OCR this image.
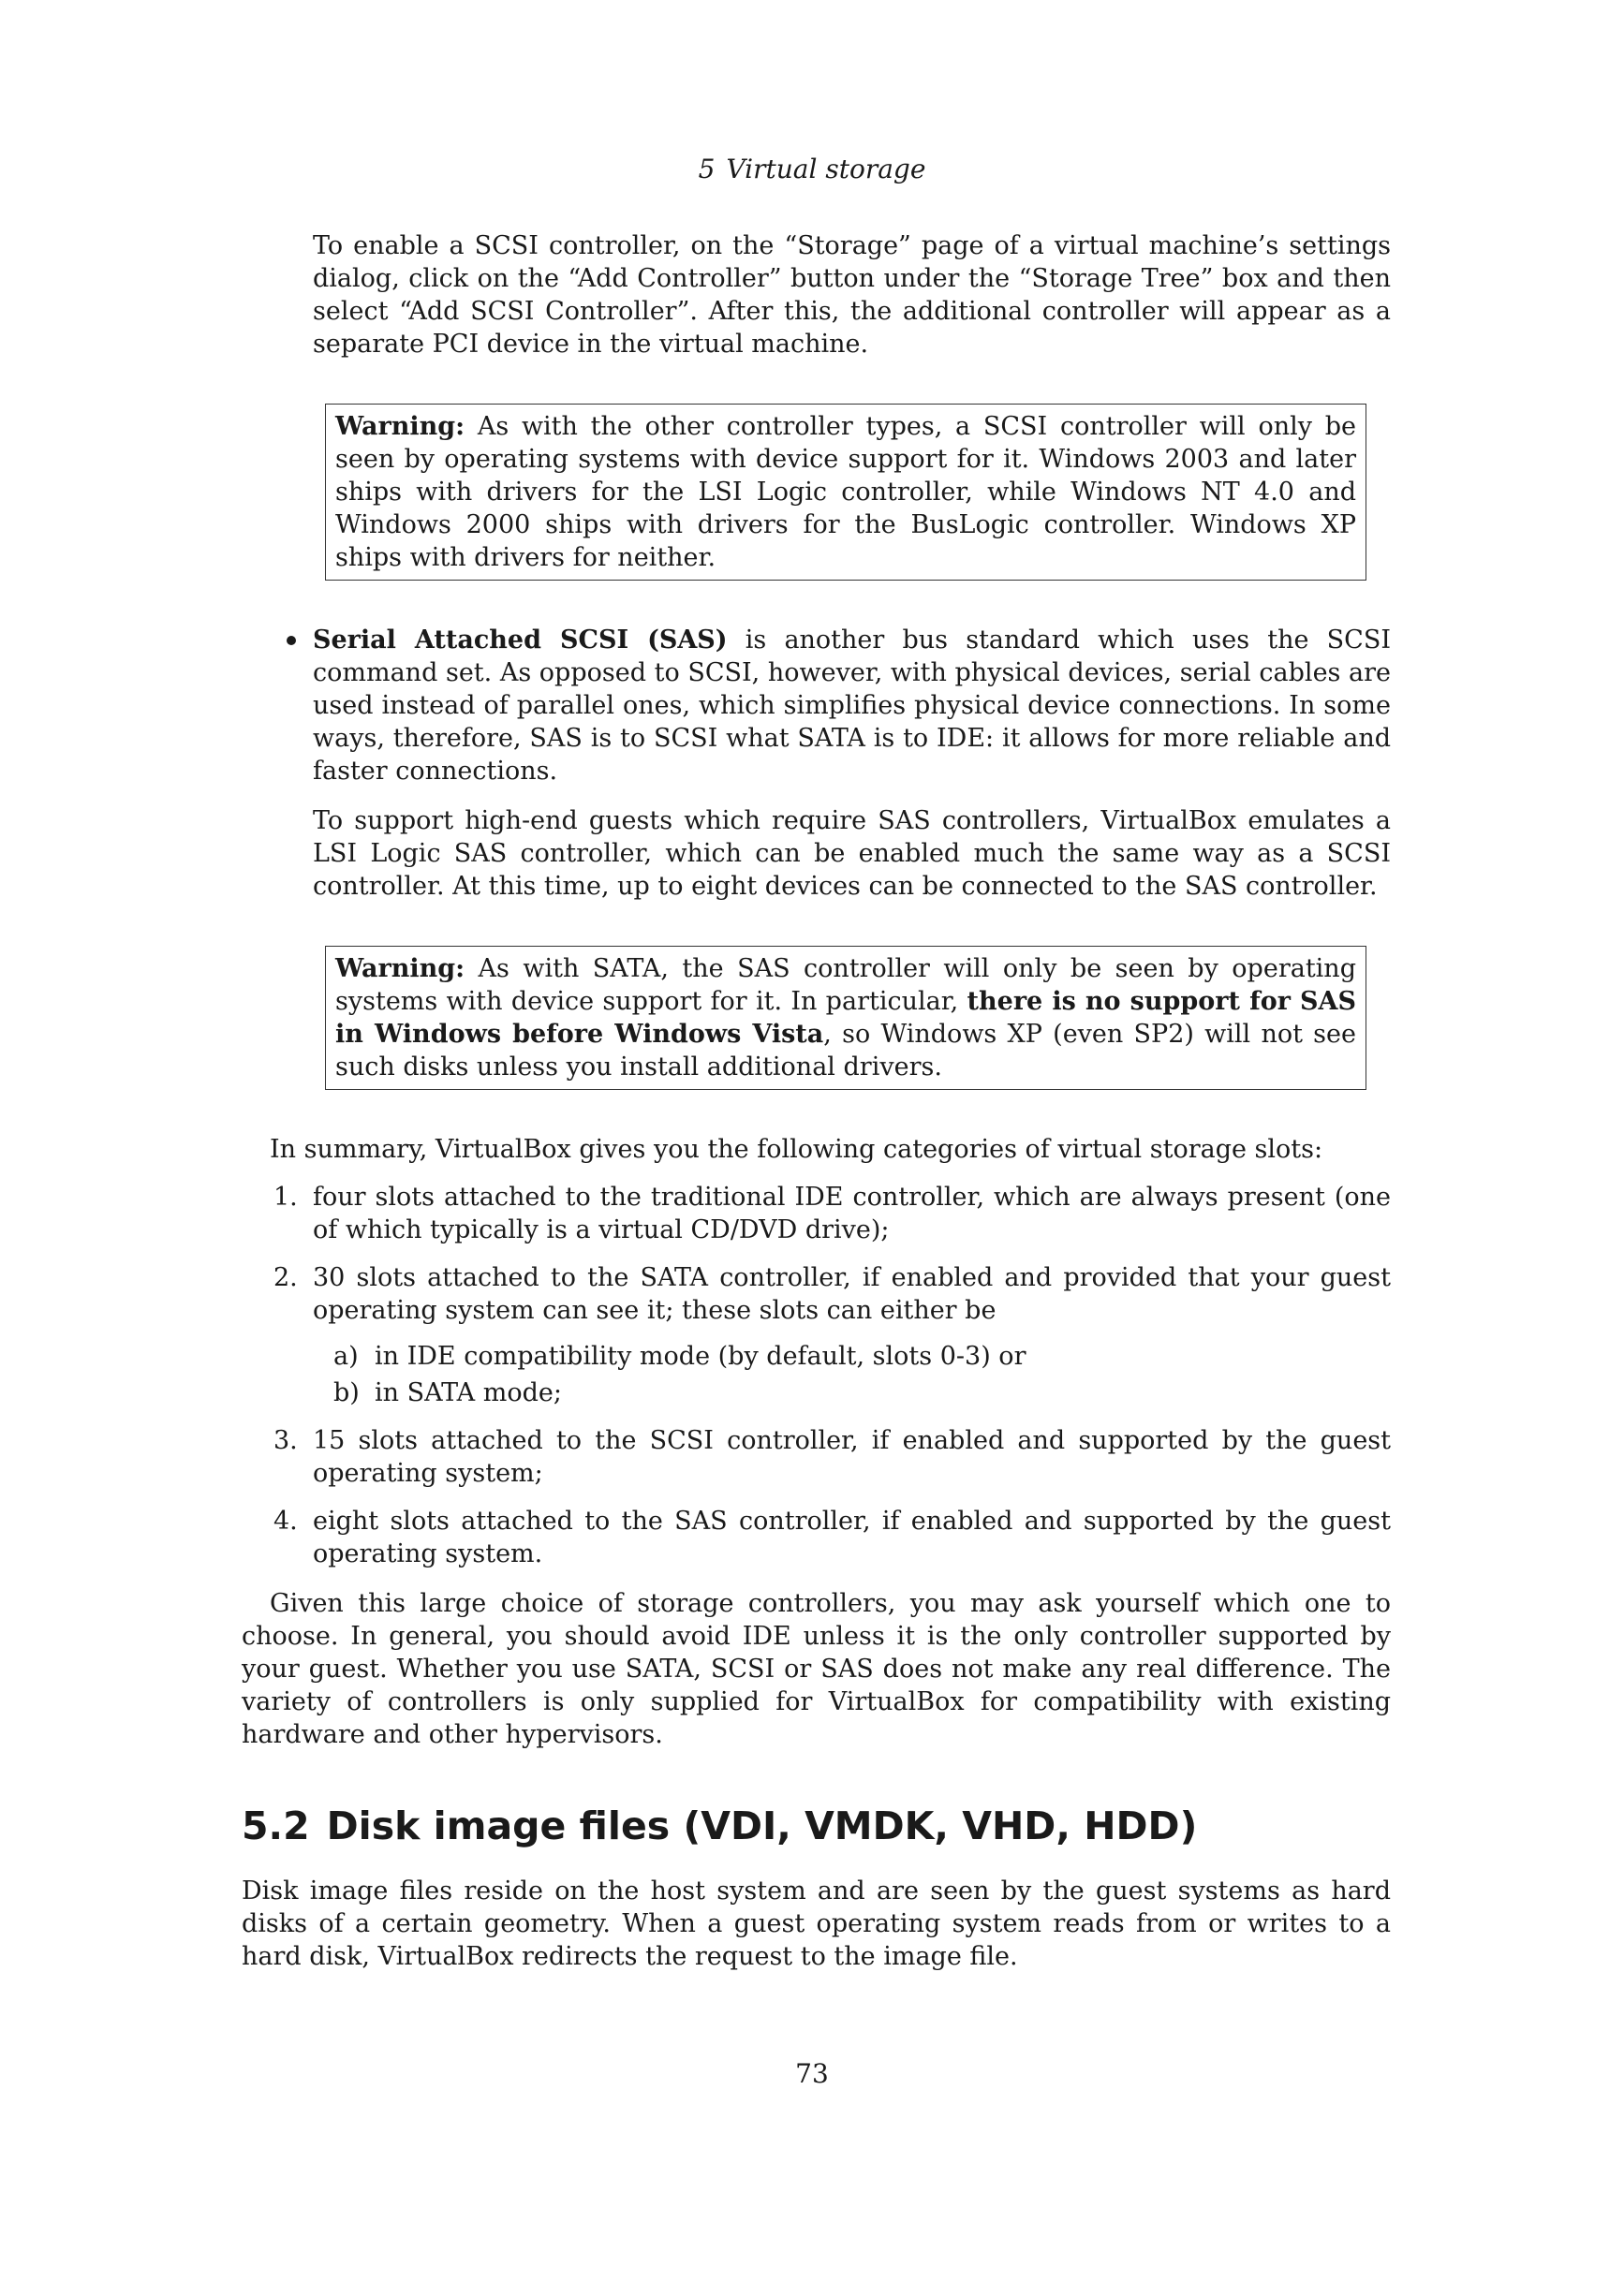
5 Virtual storage

To enable a SCSI controller, on the “Storage” page of a virtual machine’s settings dialog, click on the “Add Controller” button under the “Storage Tree” box and then select “Add SCSI Controller”. After this, the additional controller will appear as a separate PCI device in the virtual machine.

Warning: As with the other controller types, a SCSI controller will only be seen by operating systems with device support for it. Windows 2003 and later ships with drivers for the LSI Logic controller, while Windows NT 4.0 and Windows 2000 ships with drivers for the BusLogic controller. Windows XP ships with drivers for neither.

Serial Attached SCSI (SAS) is another bus standard which uses the SCSI command set. As opposed to SCSI, however, with physical devices, serial cables are used instead of parallel ones, which simplifies physical device connections. In some ways, therefore, SAS is to SCSI what SATA is to IDE: it allows for more reliable and faster connections.

To support high-end guests which require SAS controllers, VirtualBox emulates a LSI Logic SAS controller, which can be enabled much the same way as a SCSI controller. At this time, up to eight devices can be connected to the SAS controller.

Warning: As with SATA, the SAS controller will only be seen by operating systems with device support for it. In particular, there is no support for SAS in Windows before Windows Vista, so Windows XP (even SP2) will not see such disks unless you install additional drivers.

In summary, VirtualBox gives you the following categories of virtual storage slots:

1. four slots attached to the traditional IDE controller, which are always present (one of which typically is a virtual CD/DVD drive);
2. 30 slots attached to the SATA controller, if enabled and provided that your guest operating system can see it; these slots can either be
a) in IDE compatibility mode (by default, slots 0-3) or
b) in SATA mode;
3. 15 slots attached to the SCSI controller, if enabled and supported by the guest operating system;
4. eight slots attached to the SAS controller, if enabled and supported by the guest operating system.

Given this large choice of storage controllers, you may ask yourself which one to choose. In general, you should avoid IDE unless it is the only controller supported by your guest. Whether you use SATA, SCSI or SAS does not make any real difference. The variety of controllers is only supplied for VirtualBox for compatibility with existing hardware and other hypervisors.

5.2 Disk image files (VDI, VMDK, VHD, HDD)

Disk image files reside on the host system and are seen by the guest systems as hard disks of a certain geometry. When a guest operating system reads from or writes to a hard disk, VirtualBox redirects the request to the image file.

73
